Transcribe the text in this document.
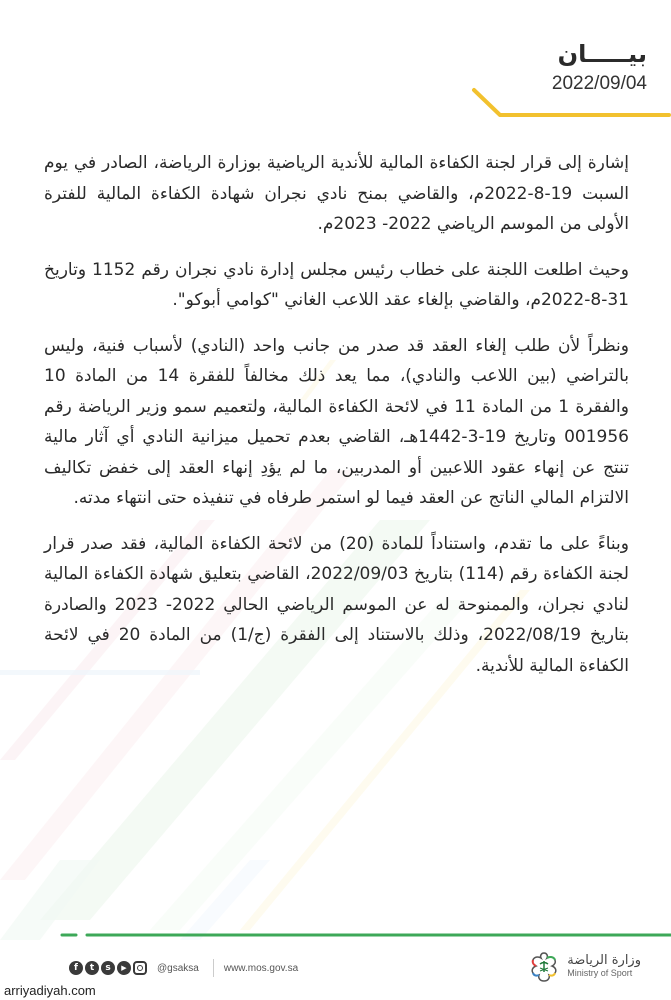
بيـــــان
2022/09/04

إشارة إلى قرار لجنة الكفاءة المالية للأندية الرياضية بوزارة الرياضة، الصادر في يوم السبت 19-8-2022م، والقاضي بمنح نادي نجران شهادة الكفاءة المالية للفترة الأولى من الموسم الرياضي 2022- 2023م.

وحيث اطلعت اللجنة على خطاب رئيس مجلس إدارة نادي نجران رقم 1152 وتاريخ 31-8-2022م، والقاضي بإلغاء عقد اللاعب الغاني "كوامي أبوكو".

ونظراً لأن طلب إلغاء العقد قد صدر من جانب واحد (النادي) لأسباب فنية، وليس بالتراضي (بين اللاعب والنادي)، مما يعد ذلك مخالفاً للفقرة 14 من المادة 10 والفقرة 1 من المادة 11 في لائحة الكفاءة المالية، ولتعميم سمو وزير الرياضة رقم 001956 وتاريخ 19-3-1442هـ، القاضي بعدم تحميل ميزانية النادي أي آثار مالية تنتج عن إنهاء عقود اللاعبين أو المدربين، ما لم يؤدِ إنهاء العقد إلى خفض تكاليف الالتزام المالي الناتج عن العقد فيما لو استمر طرفاه في تنفيذه حتى انتهاء مدته.

وبناءً على ما تقدم، واستناداً للمادة (20) من لائحة الكفاءة المالية، فقد صدر قرار لجنة الكفاءة رقم (114) بتاريخ 2022/09/03، القاضي بتعليق شهادة الكفاءة المالية لنادي نجران، والممنوحة له عن الموسم الرياضي الحالي 2022- 2023 والصادرة بتاريخ 2022/08/19، وذلك بالاستناد إلى الفقرة (ج/1) من المادة 20 في لائحة الكفاءة المالية للأندية.

f	t	s	▶	@gsaksa	www.mos.gov.sa	وزارة الرياضة
Ministry of Sport
arriyadiyah.com
